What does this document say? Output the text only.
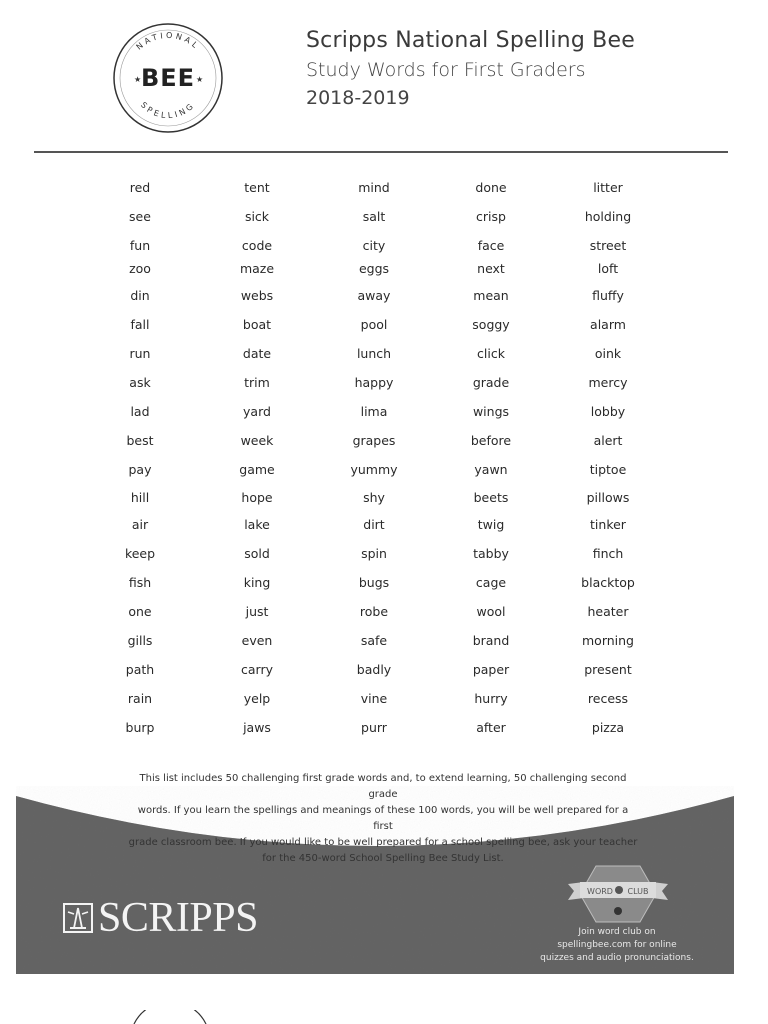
NATIONAL
SPELLING
BEE
★	★

Scripps National Spelling Bee

Study Words for First Graders

2018-2019

red	tent	mind	done	litter
see	sick	salt	crisp	holding
fun	code	city	face	street
zoo	maze	eggs	next	loft
din	webs	away	mean	fluffy
fall	boat	pool	soggy	alarm
run	date	lunch	click	oink
ask	trim	happy	grade	mercy
lad	yard	lima	wings	lobby
best	week	grapes	before	alert
pay	game	yummy	yawn	tiptoe
hill	hope	shy	beets	pillows
air	lake	dirt	twig	tinker
keep	sold	spin	tabby	finch
fish	king	bugs	cage	blacktop
one	just	robe	wool	heater
gills	even	safe	brand	morning
path	carry	badly	paper	present
rain	yelp	vine	hurry	recess
burp	jaws	purr	after	pizza
This list includes 50 challenging first grade words and, to extend learning, 50 challenging second grade
words. If you learn the spellings and meanings of these 100 words, you will be well prepared for a first
grade classroom bee. If you would like to be well prepared for a school spelling bee, ask your teacher
for the 450-word School Spelling Bee Study List.
SCRIPPS
WORD CLUB
Join word club on
spellingbee.com for online
quizzes and audio pronunciations.
